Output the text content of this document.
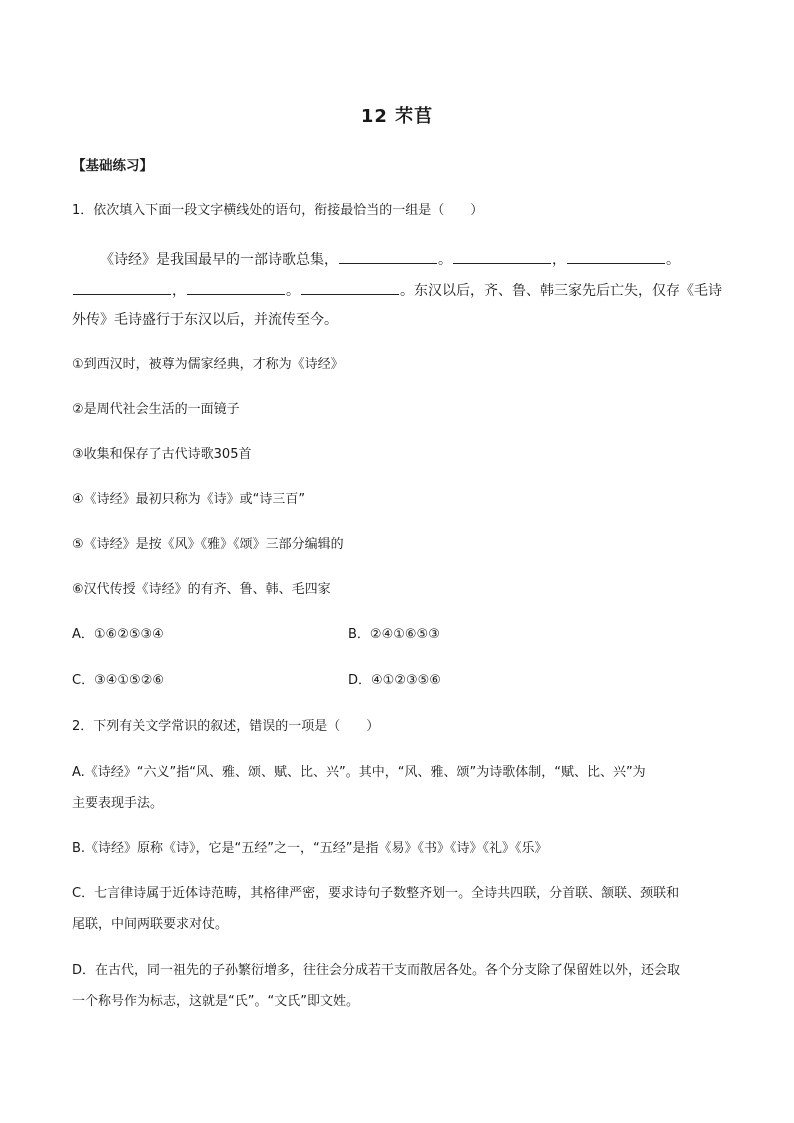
12 芣苢
【基础练习】
1．依次填入下面一段文字横线处的语句，衔接最恰当的一组是（　　）
《诗经》是我国最早的一部诗歌总集，	。	，	。
，	。	。东汉以后，齐、鲁、韩三家先后亡失，仅存《毛诗
外传》毛诗盛行于东汉以后，并流传至今。
①到西汉时，被尊为儒家经典，才称为《诗经》
②是周代社会生活的一面镜子
③收集和保存了古代诗歌305首
④《诗经》最初只称为《诗》或“诗三百”
⑤《诗经》是按《风》《雅》《颂》三部分编辑的
⑥汉代传授《诗经》的有齐、鲁、韩、毛四家
A．①⑥②⑤③④	B．②④①⑥⑤③
C．③④①⑤②⑥	D．④①②③⑤⑥
2．下列有关文学常识的叙述，错误的一项是（　　）
A.《诗经》“六义”指“风、雅、颂、赋、比、兴”。其中，“风、雅、颂”为诗歌体制，“赋、比、兴”为
主要表现手法。
B.《诗经》原称《诗》，它是“五经”之一，“五经”是指《易》《书》《诗》《礼》《乐》
C．七言律诗属于近体诗范畴，其格律严密，要求诗句子数整齐划一。全诗共四联，分首联、颔联、颈联和
尾联，中间两联要求对仗。
D．在古代，同一祖先的子孙繁衍增多，往往会分成若干支而散居各处。各个分支除了保留姓以外，还会取
一个称号作为标志，这就是“氏”。“文氏”即文姓。
